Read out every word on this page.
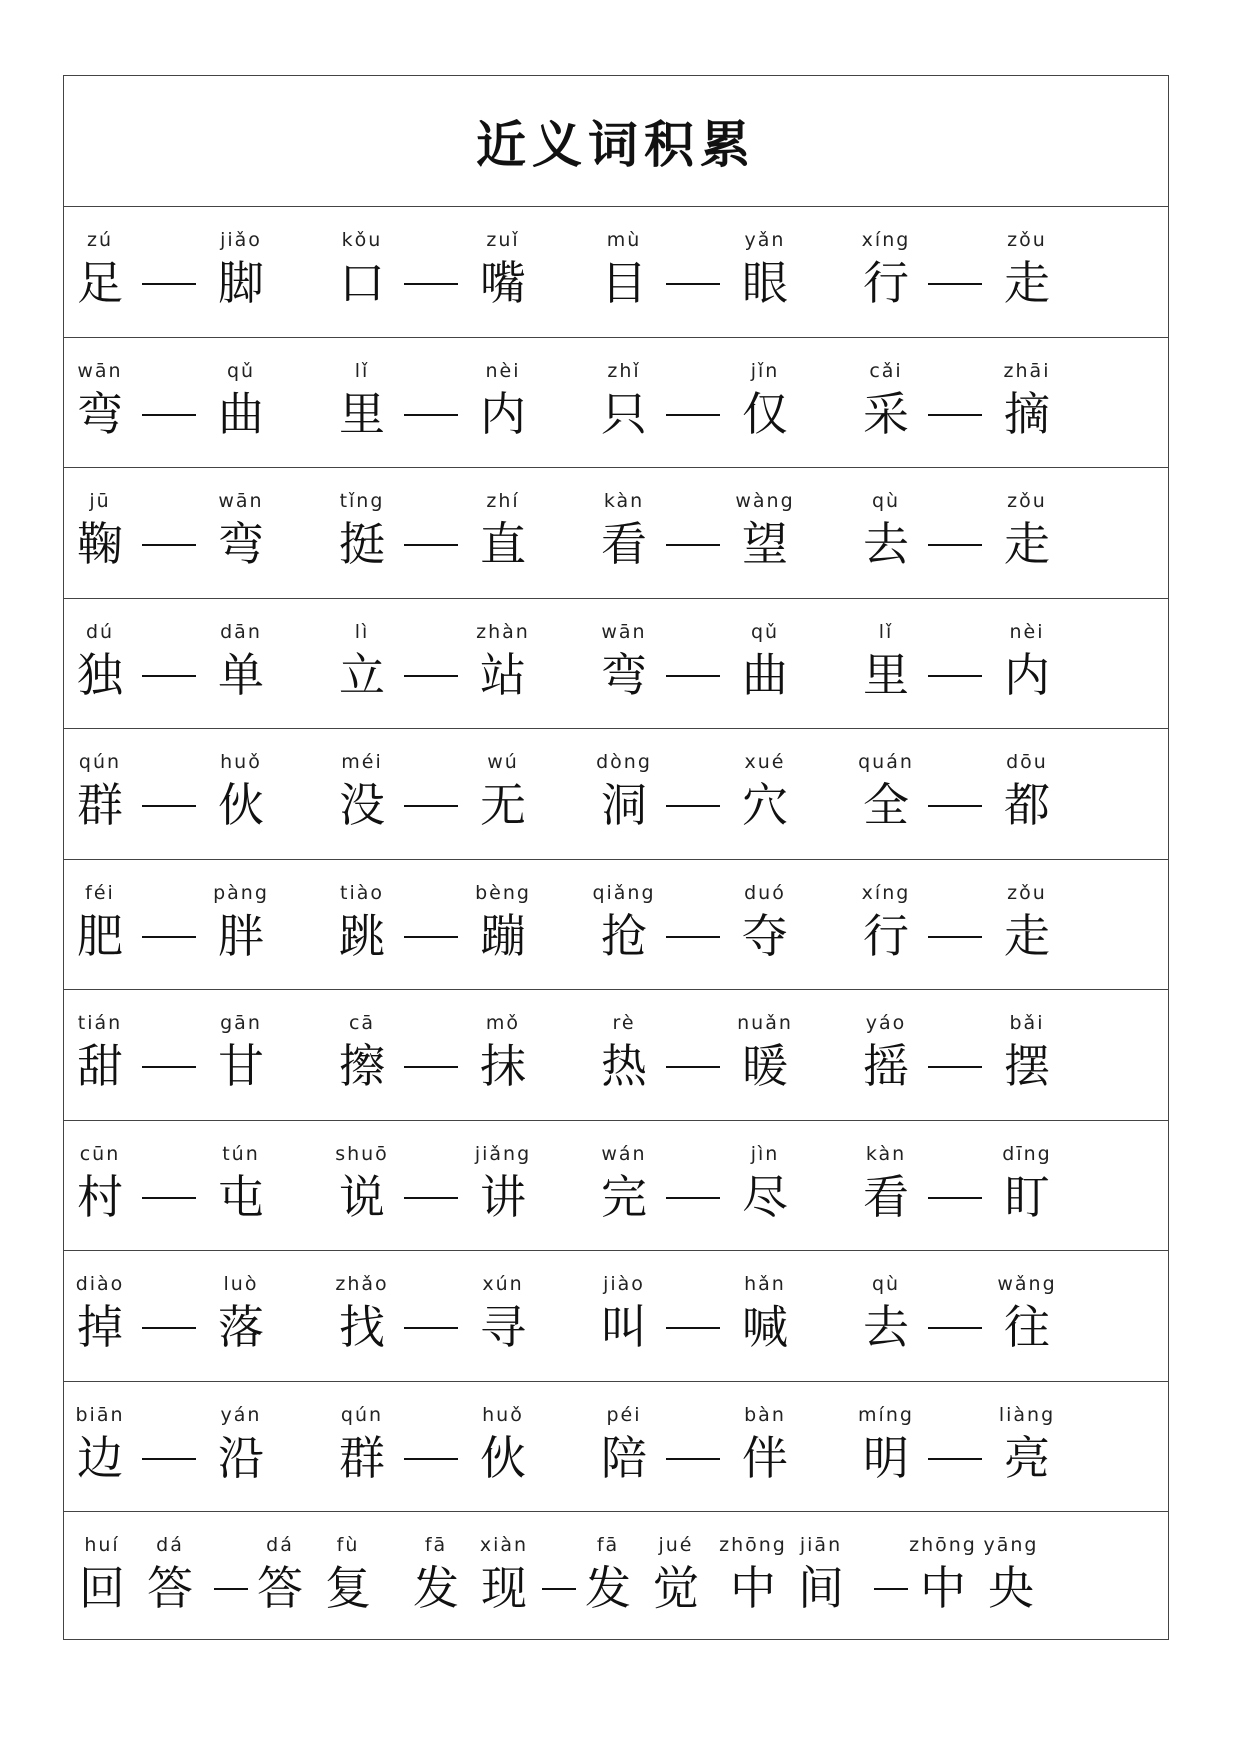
近义词积累
zú
足
jiǎo
脚
kǒu
口
zuǐ
嘴
mù
目
yǎn
眼
xíng
行
zǒu
走
wān
弯
qǔ
曲
lǐ
里
nèi
内
zhǐ
只
jǐn
仅
cǎi
采
zhāi
摘
jū
鞠
wān
弯
tǐng
挺
zhí
直
kàn
看
wàng
望
qù
去
zǒu
走
dú
独
dān
单
lì
立
zhàn
站
wān
弯
qǔ
曲
lǐ
里
nèi
内
qún
群
huǒ
伙
méi
没
wú
无
dòng
洞
xué
穴
quán
全
dōu
都
féi
肥
pàng
胖
tiào
跳
bèng
蹦
qiǎng
抢
duó
夺
xíng
行
zǒu
走
tián
甜
gān
甘
cā
擦
mǒ
抹
rè
热
nuǎn
暖
yáo
摇
bǎi
摆
cūn
村
tún
屯
shuō
说
jiǎng
讲
wán
完
jìn
尽
kàn
看
dīng
盯
diào
掉
luò
落
zhǎo
找
xún
寻
jiào
叫
hǎn
喊
qù
去
wǎng
往
biān
边
yán
沿
qún
群
huǒ
伙
péi
陪
bàn
伴
míng
明
liàng
亮
huí
回
dá
答
dá
答
fù
复
fā
发
xiàn
现
fā
发
jué
觉
zhōng
中
jiān
间
zhōng
中
yāng
央
